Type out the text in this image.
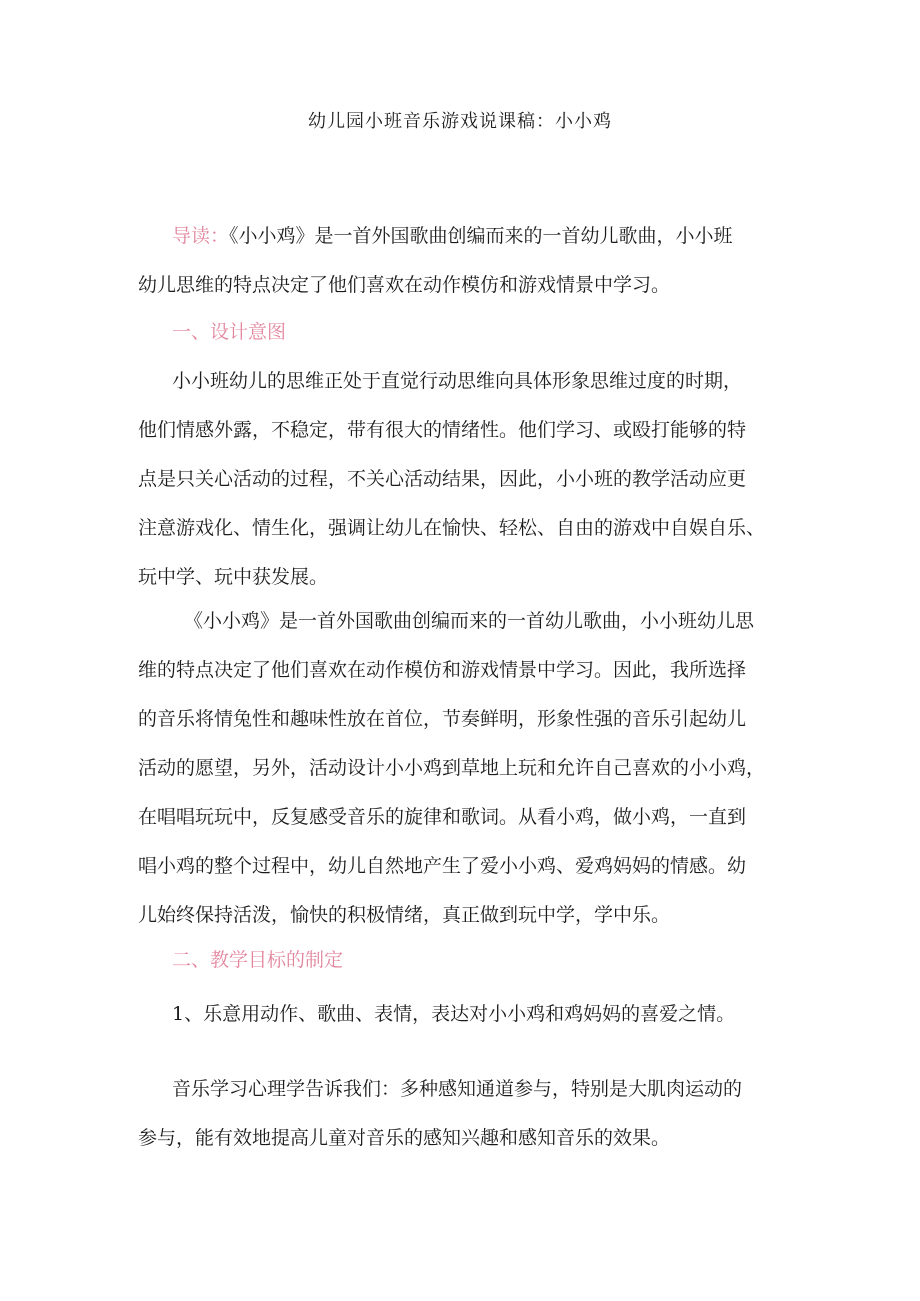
幼儿园小班音乐游戏说课稿：小小鸡
导读：《小小鸡》是一首外国歌曲创编而来的一首幼儿歌曲，小小班
幼儿思维的特点决定了他们喜欢在动作模仿和游戏情景中学习。
一、设计意图
小小班幼儿的思维正处于直觉行动思维向具体形象思维过度的时期，
他们情感外露，不稳定，带有很大的情绪性。他们学习、或殴打能够的特
点是只关心活动的过程，不关心活动结果，因此，小小班的教学活动应更
注意游戏化、情生化，强调让幼儿在愉快、轻松、自由的游戏中自娱自乐、
玩中学、玩中获发展。
《小小鸡》是一首外国歌曲创编而来的一首幼儿歌曲，小小班幼儿思
维的特点决定了他们喜欢在动作模仿和游戏情景中学习。因此，我所选择
的音乐将情兔性和趣味性放在首位，节奏鲜明，形象性强的音乐引起幼儿
活动的愿望，另外，活动设计小小鸡到草地上玩和允许自己喜欢的小小鸡，
在唱唱玩玩中，反复感受音乐的旋律和歌词。从看小鸡，做小鸡，一直到
唱小鸡的整个过程中，幼儿自然地产生了爱小小鸡、爱鸡妈妈的情感。幼
儿始终保持活泼，愉快的积极情绪，真正做到玩中学，学中乐。
二、教学目标的制定
1、乐意用动作、歌曲、表情，表达对小小鸡和鸡妈妈的喜爱之情。
音乐学习心理学告诉我们：多种感知通道参与，特别是大肌肉运动的
参与，能有效地提高儿童对音乐的感知兴趣和感知音乐的效果。
